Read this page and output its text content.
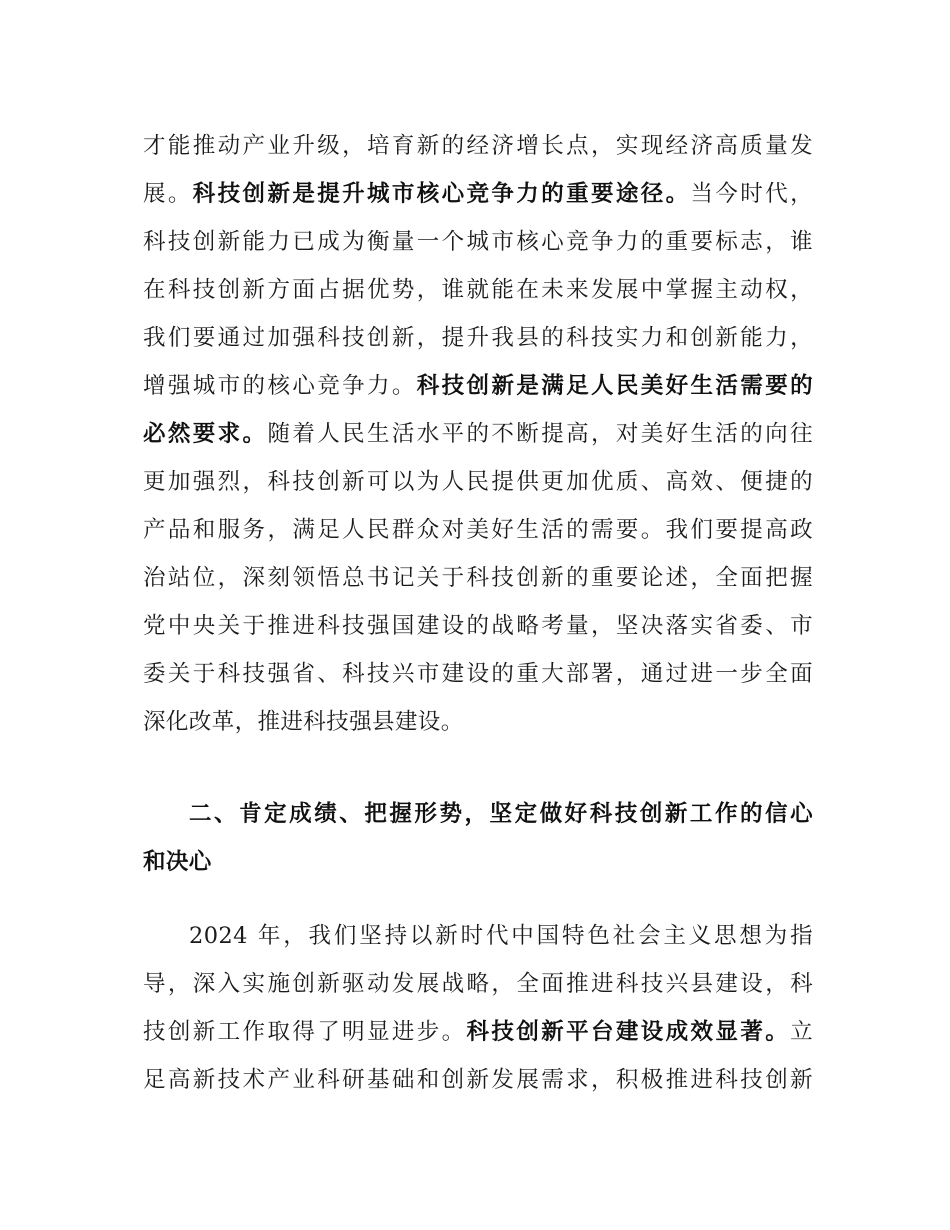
才能推动产业升级，培育新的经济增长点，实现经济高质量发
展。科技创新是提升城市核心竞争力的重要途径。当今时代，
科技创新能力已成为衡量一个城市核心竞争力的重要标志，谁
在科技创新方面占据优势，谁就能在未来发展中掌握主动权，
我们要通过加强科技创新，提升我县的科技实力和创新能力，
增强城市的核心竞争力。科技创新是满足人民美好生活需要的
必然要求。随着人民生活水平的不断提高，对美好生活的向往
更加强烈，科技创新可以为人民提供更加优质、高效、便捷的
产品和服务，满足人民群众对美好生活的需要。我们要提高政
治站位，深刻领悟总书记关于科技创新的重要论述，全面把握
党中央关于推进科技强国建设的战略考量，坚决落实省委、市
委关于科技强省、科技兴市建设的重大部署，通过进一步全面
深化改革，推进科技强县建设。
二、肯定成绩、把握形势，坚定做好科技创新工作的信心
和决心
2024 年，我们坚持以新时代中国特色社会主义思想为指
导，深入实施创新驱动发展战略，全面推进科技兴县建设，科
技创新工作取得了明显进步。科技创新平台建设成效显著。立
足高新技术产业科研基础和创新发展需求，积极推进科技创新
